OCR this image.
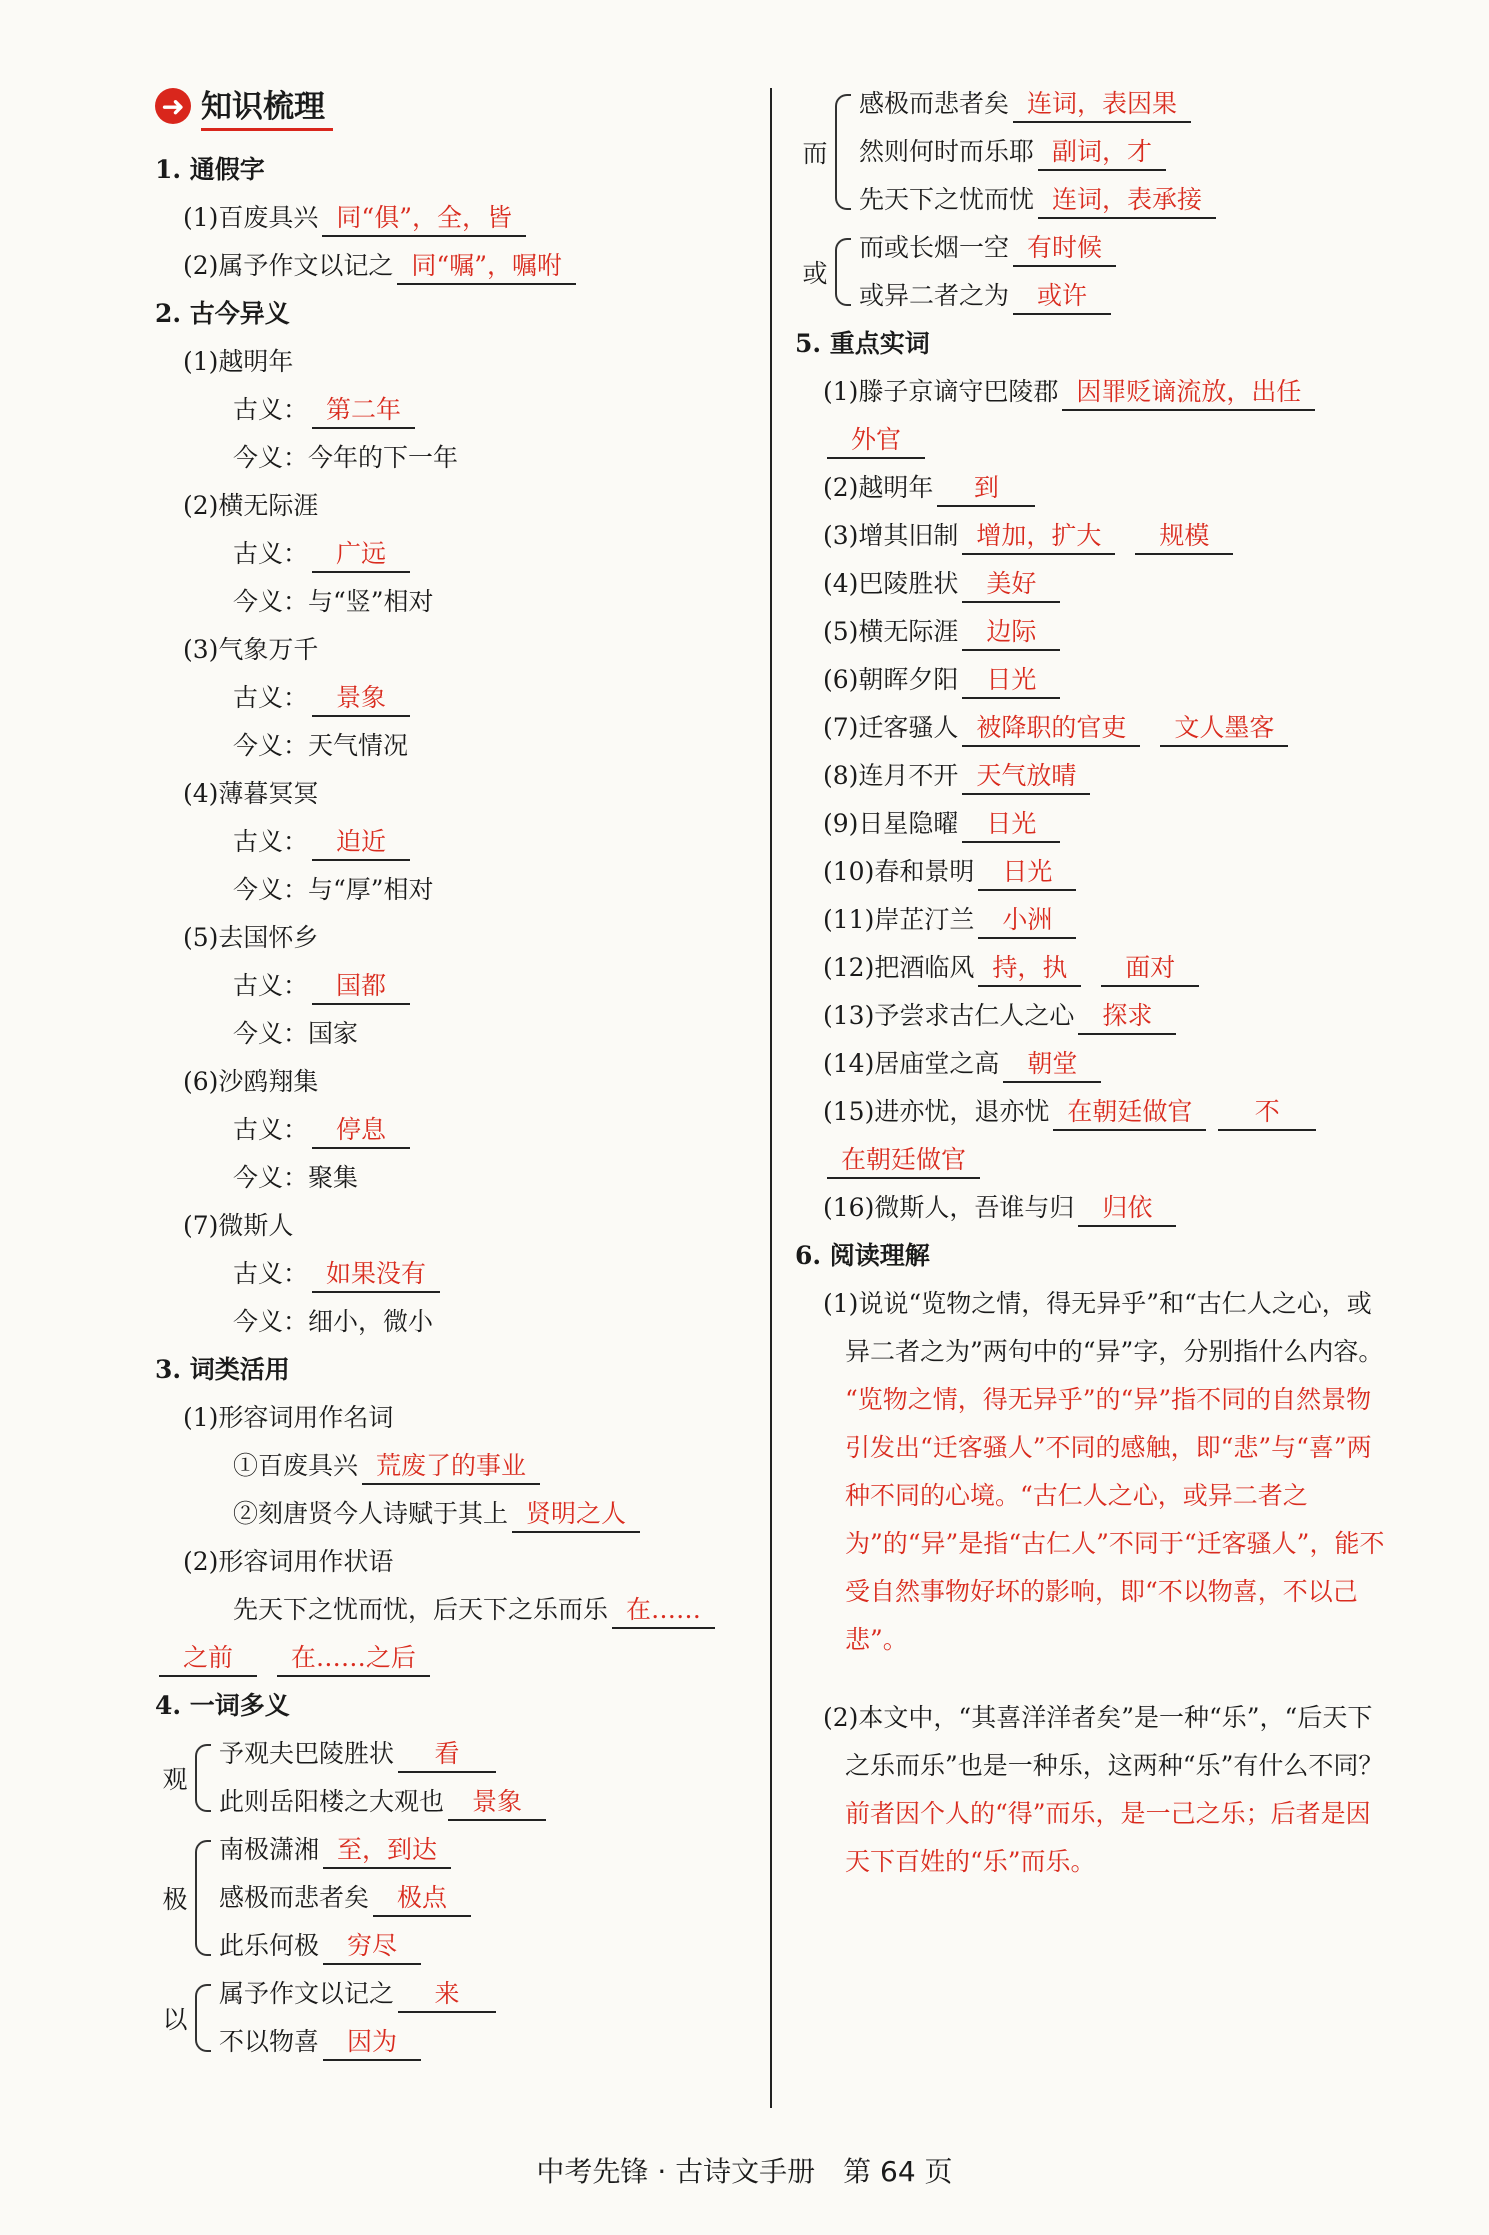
➜ 知识梳理
1. 通假字
(1)百废具兴 同“俱”，全，皆
(2)属予作文以记之 同“嘱”，嘱咐
2. 古今异义
(1)越明年
古义： 第二年
今义：今年的下一年
(2)横无际涯
古义： 广远
今义：与“竖”相对
(3)气象万千
古义： 景象
今义：天气情况
(4)薄暮冥冥
古义： 迫近
今义：与“厚”相对
(5)去国怀乡
古义： 国都
今义：国家
(6)沙鸥翔集
古义： 停息
今义：聚集
(7)微斯人
古义： 如果没有
今义：细小，微小
3. 词类活用
(1)形容词用作名词
①百废具兴 荒废了的事业
②刻唐贤今人诗赋于其上 贤明之人
(2)形容词用作状语
先天下之忧而忧，后天下之乐而乐 在……
之前 在……之后
4. 一词多义
观
予观夫巴陵胜状 看
此则岳阳楼之大观也 景象
极
南极潇湘 至，到达
感极而悲者矣 极点
此乐何极 穷尽
以
属予作文以记之 来
不以物喜 因为
而
感极而悲者矣 连词，表因果
然则何时而乐耶 副词，才
先天下之忧而忧 连词，表承接
或
而或长烟一空 有时候
或异二者之为 或许
5. 重点实词
(1)滕子京谪守巴陵郡 因罪贬谪流放，出任
外官
(2)越明年 到
(3)增其旧制 增加，扩大 规模
(4)巴陵胜状 美好
(5)横无际涯 边际
(6)朝晖夕阳 日光
(7)迁客骚人 被降职的官吏 文人墨客
(8)连月不开 天气放晴
(9)日星隐曜 日光
(10)春和景明 日光
(11)岸芷汀兰 小洲
(12)把酒临风 持，执 面对
(13)予尝求古仁人之心 探求
(14)居庙堂之高 朝堂
(15)进亦忧，退亦忧 在朝廷做官 不
在朝廷做官
(16)微斯人，吾谁与归 归依
6. 阅读理解
(1)说说“览物之情，得无异乎”和“古仁人之心，或异二者之为”两句中的“异”字，分别指什么内容。
“览物之情，得无异乎”的“异”指不同的自然景物引发出“迁客骚人”不同的感触，即“悲”与“喜”两种不同的心境。“古仁人之心，或异二者之为”的“异”是指“古仁人”不同于“迁客骚人”，能不受自然事物好坏的影响，即“不以物喜，不以己悲”。
(2)本文中，“其喜洋洋者矣”是一种“乐”，“后天下之乐而乐”也是一种乐，这两种“乐”有什么不同？
前者因个人的“得”而乐，是一己之乐；后者是因天下百姓的“乐”而乐。
中考先锋 · 古诗文手册　第 64 页
